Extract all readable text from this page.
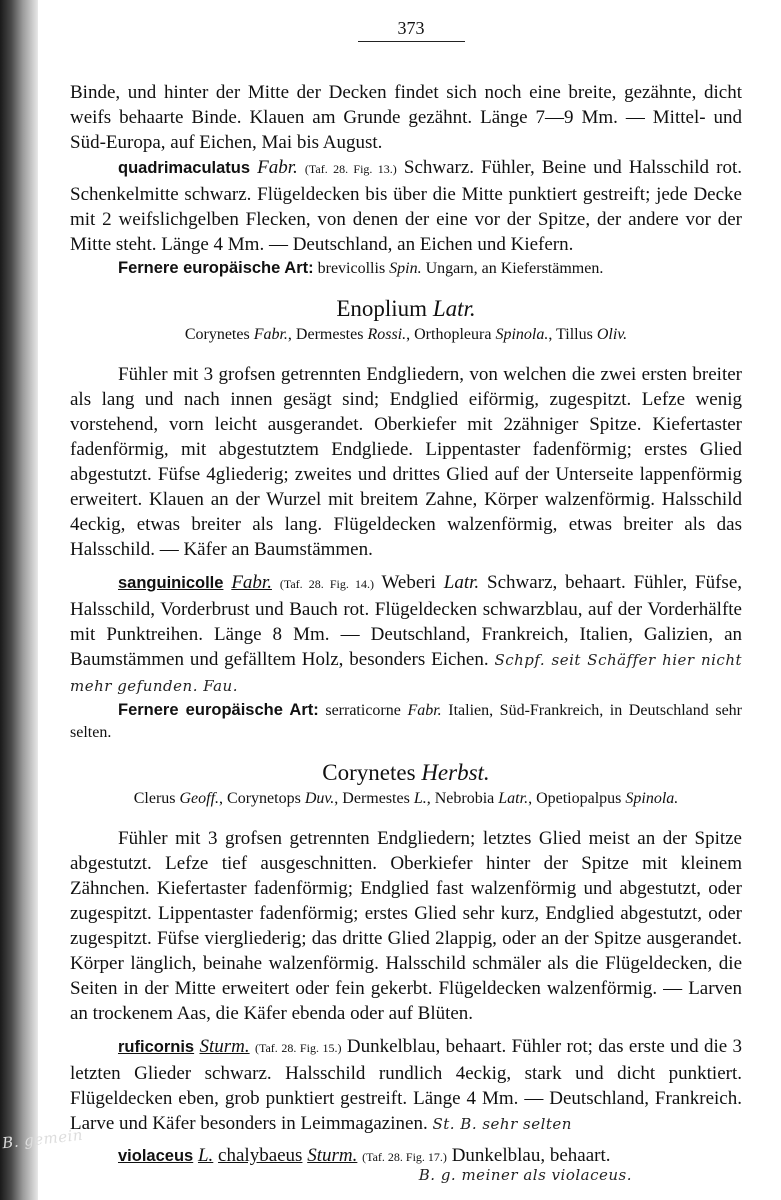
B. gemein
373

Binde, und hinter der Mitte der Decken findet sich noch eine breite, gezähnte, dicht weifs behaarte Binde. Klauen am Grunde gezähnt. Länge 7—9 Mm. — Mittel- und Süd-Europa, auf Eichen, Mai bis August.

quadrimaculatus Fabr. (Taf. 28. Fig. 13.) Schwarz. Fühler, Beine und Halsschild rot. Schenkelmitte schwarz. Flügeldecken bis über die Mitte punktiert gestreift; jede Decke mit 2 weifslichgelben Flecken, von denen der eine vor der Spitze, der andere vor der Mitte steht. Länge 4 Mm. — Deutschland, an Eichen und Kiefern.

Fernere europäische Art: brevicollis Spin. Ungarn, an Kieferstämmen.

Enoplium Latr.
Corynetes Fabr., Dermestes Rossi., Orthopleura Spinola., Tillus Oliv.

Fühler mit 3 grofsen getrennten Endgliedern, von welchen die zwei ersten breiter als lang und nach innen gesägt sind; Endglied eiförmig, zugespitzt. Lefze wenig vorstehend, vorn leicht ausgerandet. Oberkiefer mit 2zähniger Spitze. Kiefertaster fadenförmig, mit abgestutztem Endgliede. Lippentaster fadenförmig; erstes Glied abgestutzt. Füfse 4gliederig; zweites und drittes Glied auf der Unterseite lappenförmig erweitert. Klauen an der Wurzel mit breitem Zahne, Körper walzenförmig. Halsschild 4eckig, etwas breiter als lang. Flügeldecken walzenförmig, etwas breiter als das Halsschild. — Käfer an Baumstämmen.

sanguinicolle Fabr. (Taf. 28. Fig. 14.) Weberi Latr. Schwarz, behaart. Fühler, Füfse, Halsschild, Vorderbrust und Bauch rot. Flügeldecken schwarzblau, auf der Vorderhälfte mit Punktreihen. Länge 8 Mm. — Deutschland, Frankreich, Italien, Galizien, an Baumstämmen und gefälltem Holz, besonders Eichen. Schpf. seit Schäffer hier nicht mehr gefunden. Fau.

Fernere europäische Art: serraticorne Fabr. Italien, Süd-Frankreich, in Deutschland sehr selten.

Corynetes Herbst.
Clerus Geoff., Corynetops Duv., Dermestes L., Nebrobia Latr., Opetiopalpus Spinola.

Fühler mit 3 grofsen getrennten Endgliedern; letztes Glied meist an der Spitze abgestutzt. Lefze tief ausgeschnitten. Oberkiefer hinter der Spitze mit kleinem Zähnchen. Kiefertaster fadenförmig; Endglied fast walzenförmig und abgestutzt, oder zugespitzt. Lippentaster fadenförmig; erstes Glied sehr kurz, Endglied abgestutzt, oder zugespitzt. Füfse viergliederig; das dritte Glied 2lappig, oder an der Spitze ausgerandet. Körper länglich, beinahe walzenförmig. Halsschild schmäler als die Flügeldecken, die Seiten in der Mitte erweitert oder fein gekerbt. Flügeldecken walzenförmig. — Larven an trockenem Aas, die Käfer ebenda oder auf Blüten.

ruficornis Sturm. (Taf. 28. Fig. 15.) Dunkelblau, behaart. Fühler rot; das erste und die 3 letzten Glieder schwarz. Halsschild rundlich 4eckig, stark und dicht punktiert. Flügeldecken eben, grob punktiert gestreift. Länge 4 Mm. — Deutschland, Frankreich. Larve und Käfer besonders in Leimmagazinen. St. B. sehr selten

violaceus L. chalybaeus Sturm. (Taf. 28. Fig. 17.) Dunkelblau, behaart.

B. g. meiner als violaceus.
